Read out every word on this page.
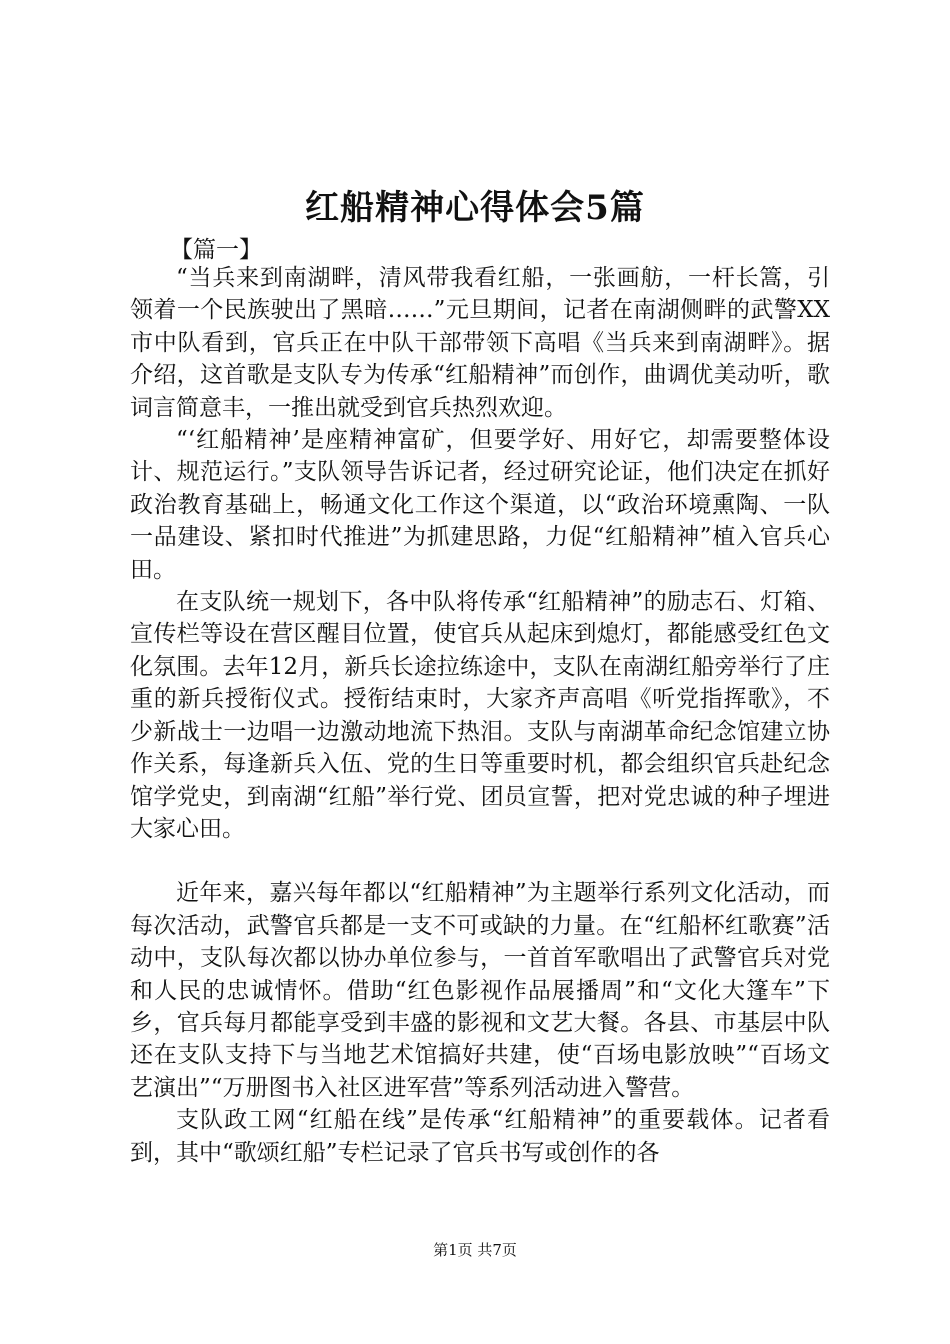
红船精神心得体会5篇
【篇一】

“当兵来到南湖畔，清风带我看红船，一张画舫，一杆长篙，引领着一个民族驶出了黑暗……”元旦期间，记者在南湖侧畔的武警XX市中队看到，官兵正在中队干部带领下高唱《当兵来到南湖畔》。据介绍，这首歌是支队专为传承“红船精神”而创作，曲调优美动听，歌词言简意丰，一推出就受到官兵热烈欢迎。

“‘红船精神’是座精神富矿，但要学好、用好它，却需要整体设计、规范运行。”支队领导告诉记者，经过研究论证，他们决定在抓好政治教育基础上，畅通文化工作这个渠道，以“政治环境熏陶、一队一品建设、紧扣时代推进”为抓建思路，力促“红船精神”植入官兵心田。

在支队统一规划下，各中队将传承“红船精神”的励志石、灯箱、宣传栏等设在营区醒目位置，使官兵从起床到熄灯，都能感受红色文化氛围。去年12月，新兵长途拉练途中，支队在南湖红船旁举行了庄重的新兵授衔仪式。授衔结束时，大家齐声高唱《听党指挥歌》，不少新战士一边唱一边激动地流下热泪。支队与南湖革命纪念馆建立协作关系，每逢新兵入伍、党的生日等重要时机，都会组织官兵赴纪念馆学党史，到南湖“红船”举行党、团员宣誓，把对党忠诚的种子埋进大家心田。

近年来，嘉兴每年都以“红船精神”为主题举行系列文化活动，而每次活动，武警官兵都是一支不可或缺的力量。在“红船杯红歌赛”活动中，支队每次都以协办单位参与，一首首军歌唱出了武警官兵对党和人民的忠诚情怀。借助“红色影视作品展播周”和“文化大篷车”下乡，官兵每月都能享受到丰盛的影视和文艺大餐。各县、市基层中队还在支队支持下与当地艺术馆搞好共建，使“百场电影放映”“百场文艺演出”“万册图书入社区进军营”等系列活动进入警营。

支队政工网“红船在线”是传承“红船精神”的重要载体。记者看到，其中“歌颂红船”专栏记录了官兵书写或创作的各

第1页 共7页
